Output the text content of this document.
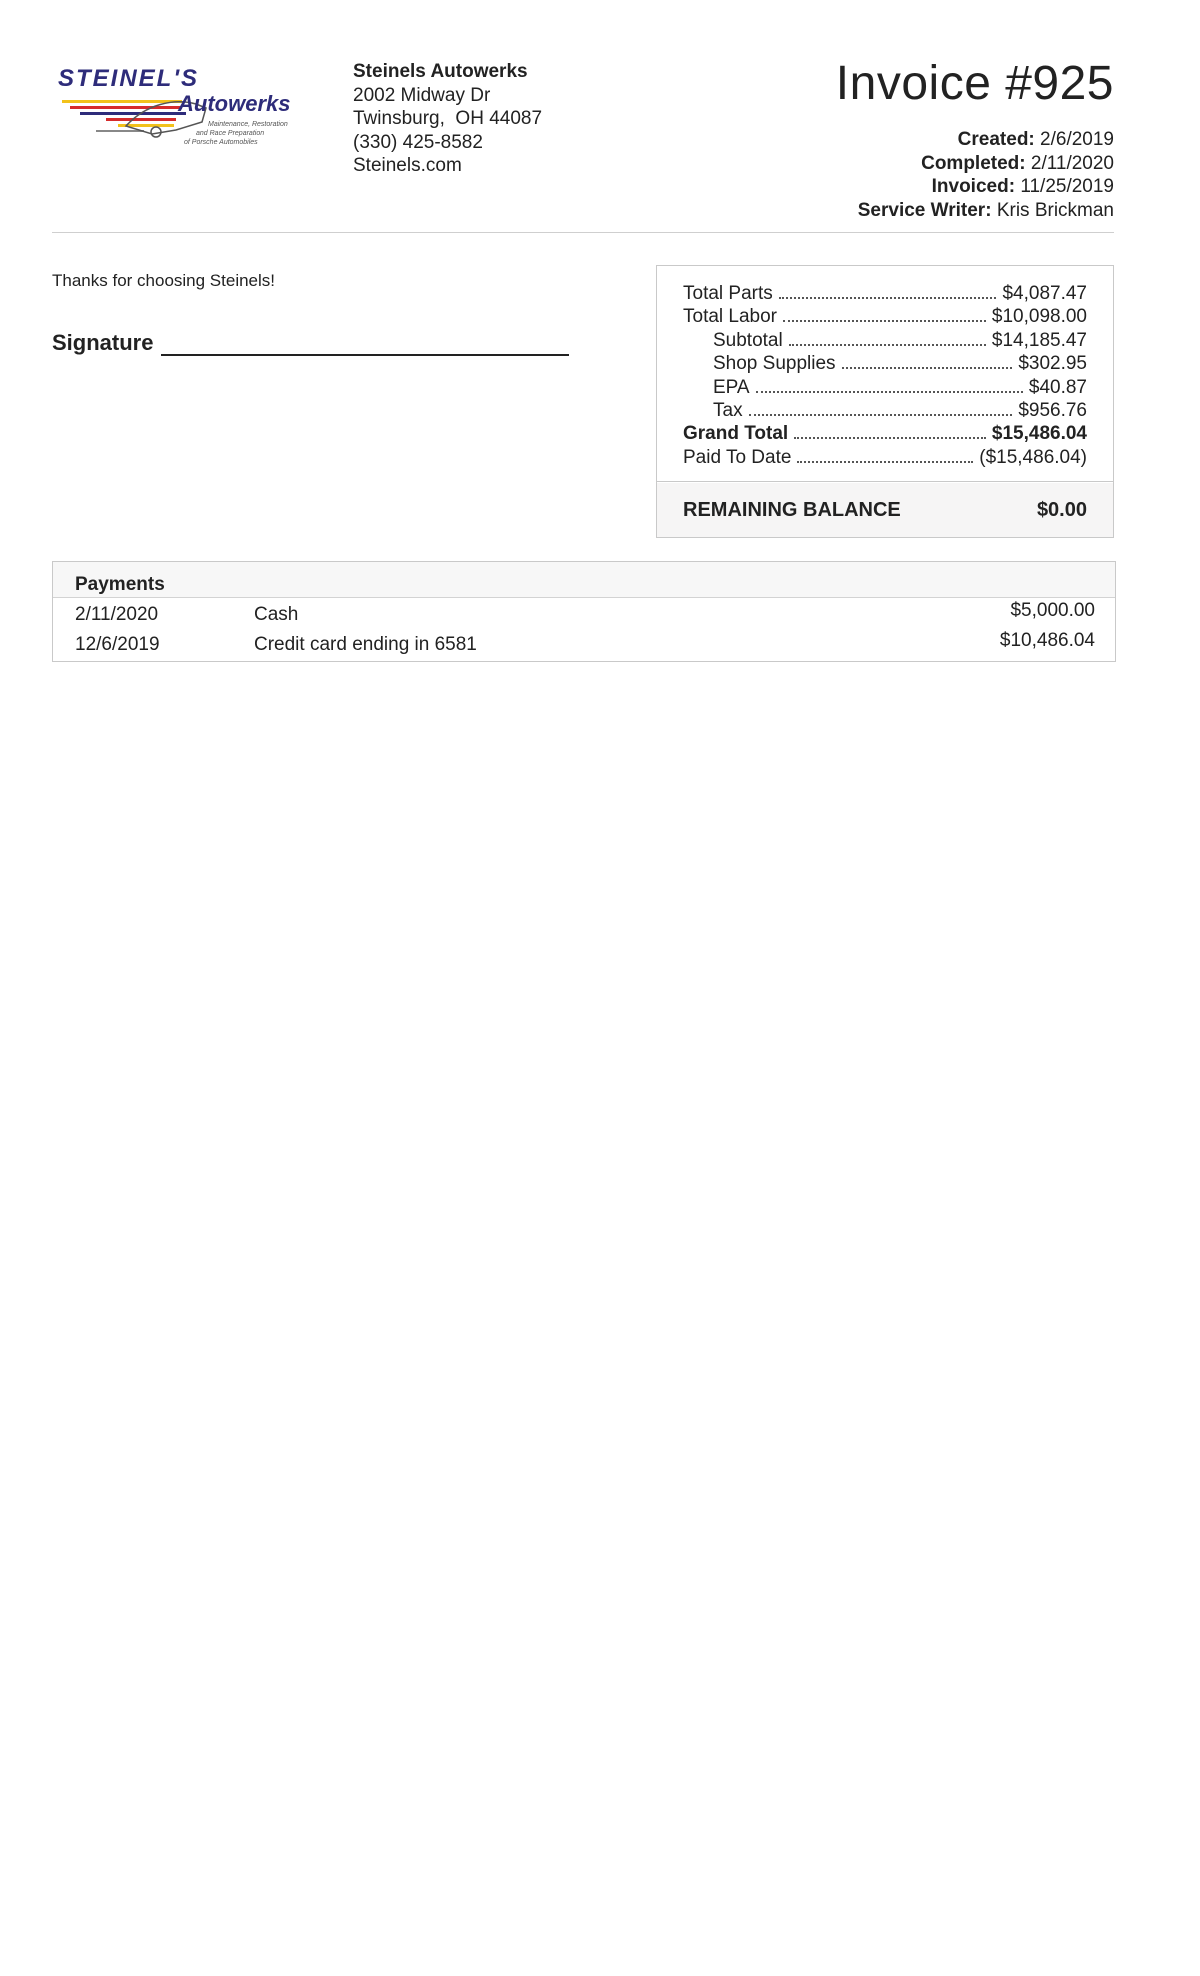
STEINEL'S
Autowerks
Maintenance, Restoration
and Race Preparation
of Porsche Automobiles
Steinels Autowerks
2002 Midway Dr
Twinsburg,  OH 44087
(330) 425-8582
Steinels.com
Invoice #925
Created: 2/6/2019
Completed: 2/11/2020
Invoiced: 11/25/2019
Service Writer: Kris Brickman
Thanks for choosing Steinels!
Signature
Total Parts	$4,087.47
Total Labor	$10,098.00
Subtotal	$14,185.47
Shop Supplies	$302.95
EPA	$40.87
Tax	$956.76
Grand Total	$15,486.04
Paid To Date	($15,486.04)
REMAINING BALANCE	$0.00
Payments
2/11/2020	Cash	$5,000.00
12/6/2019	Credit card ending in 6581	$10,486.04
